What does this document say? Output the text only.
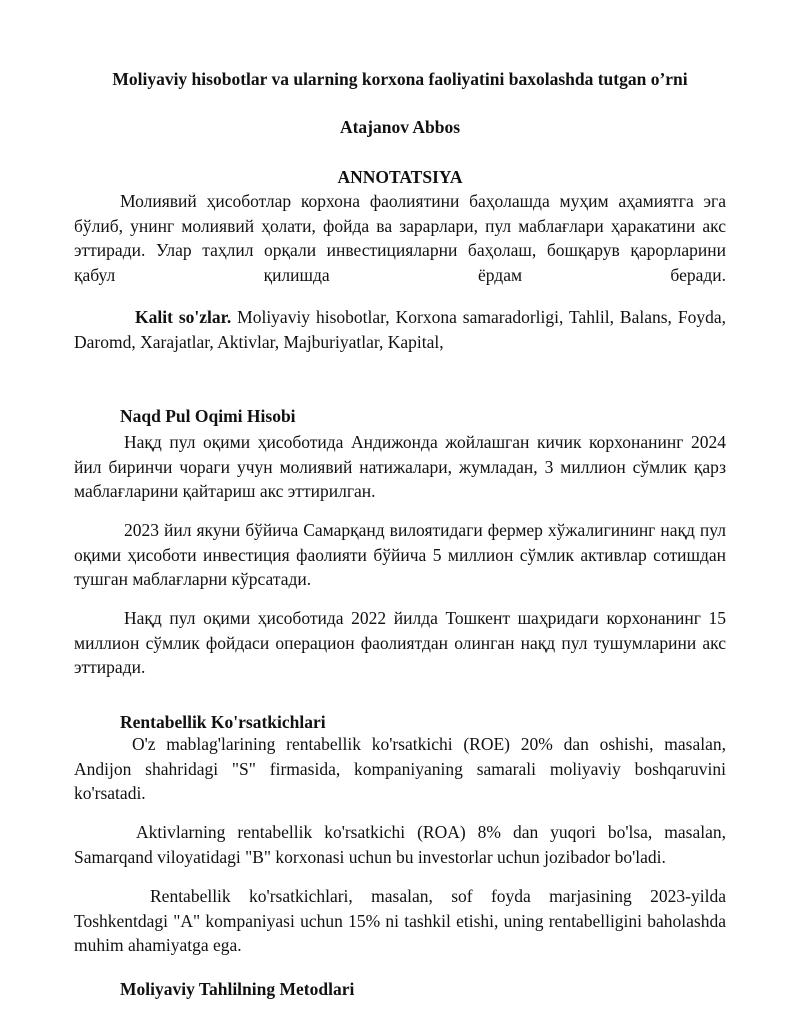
Moliyaviy hisobotlar va ularning korxona faoliyatini baxolashda tutgan o’rni

Atajanov Abbos

ANNOTATSIYA

Молиявий ҳисоботлар корхона фаолиятини баҳолашда муҳим аҳамиятга эга бўлиб, унинг молиявий ҳолати, фойда ва зарарлари, пул маблағлари ҳаракатини акс эттиради. Улар таҳлил орқали инвестицияларни баҳолаш, бошқарув қарорларини қабул қилишда ёрдам беради.

Kalit so'zlar. Moliyaviy hisobotlar, Korxona samaradorligi, Tahlil, Balans, Foyda, Daromd, Xarajatlar, Aktivlar, Majburiyatlar, Kapital,

Naqd Pul Oqimi Hisobi

Нақд пул оқими ҳисоботида Андижонда жойлашган кичик корхонанинг 2024 йил биринчи чораги учун молиявий натижалари, жумладан, 3 миллион сўмлик қарз маблағларини қайтариш акс эттирилган.

2023 йил якуни бўйича Самарқанд вилоятидаги фермер хўжалигининг нақд пул оқими ҳисоботи инвестиция фаолияти бўйича 5 миллион сўмлик активлар сотишдан тушган маблағларни кўрсатади.

Нақд пул оқими ҳисоботида 2022 йилда Тошкент шаҳридаги корхонанинг 15 миллион сўмлик фойдаси операцион фаолиятдан олинган нақд пул тушумларини акс эттиради.

Rentabellik Ko'rsatkichlari

O'z mablag'larining rentabellik ko'rsatkichi (ROE) 20% dan oshishi, masalan, Andijon shahridagi "S" firmasida, kompaniyaning samarali moliyaviy boshqaruvini ko'rsatadi.

Aktivlarning rentabellik ko'rsatkichi (ROA) 8% dan yuqori bo'lsa, masalan, Samarqand viloyatidagi "B" korxonasi uchun bu investorlar uchun jozibador bo'ladi.

Rentabellik ko'rsatkichlari, masalan, sof foyda marjasining 2023-yilda Toshkentdagi "A" kompaniyasi uchun 15% ni tashkil etishi, uning rentabelligini baholashda muhim ahamiyatga ega.

Moliyaviy Tahlilning Metodlari
